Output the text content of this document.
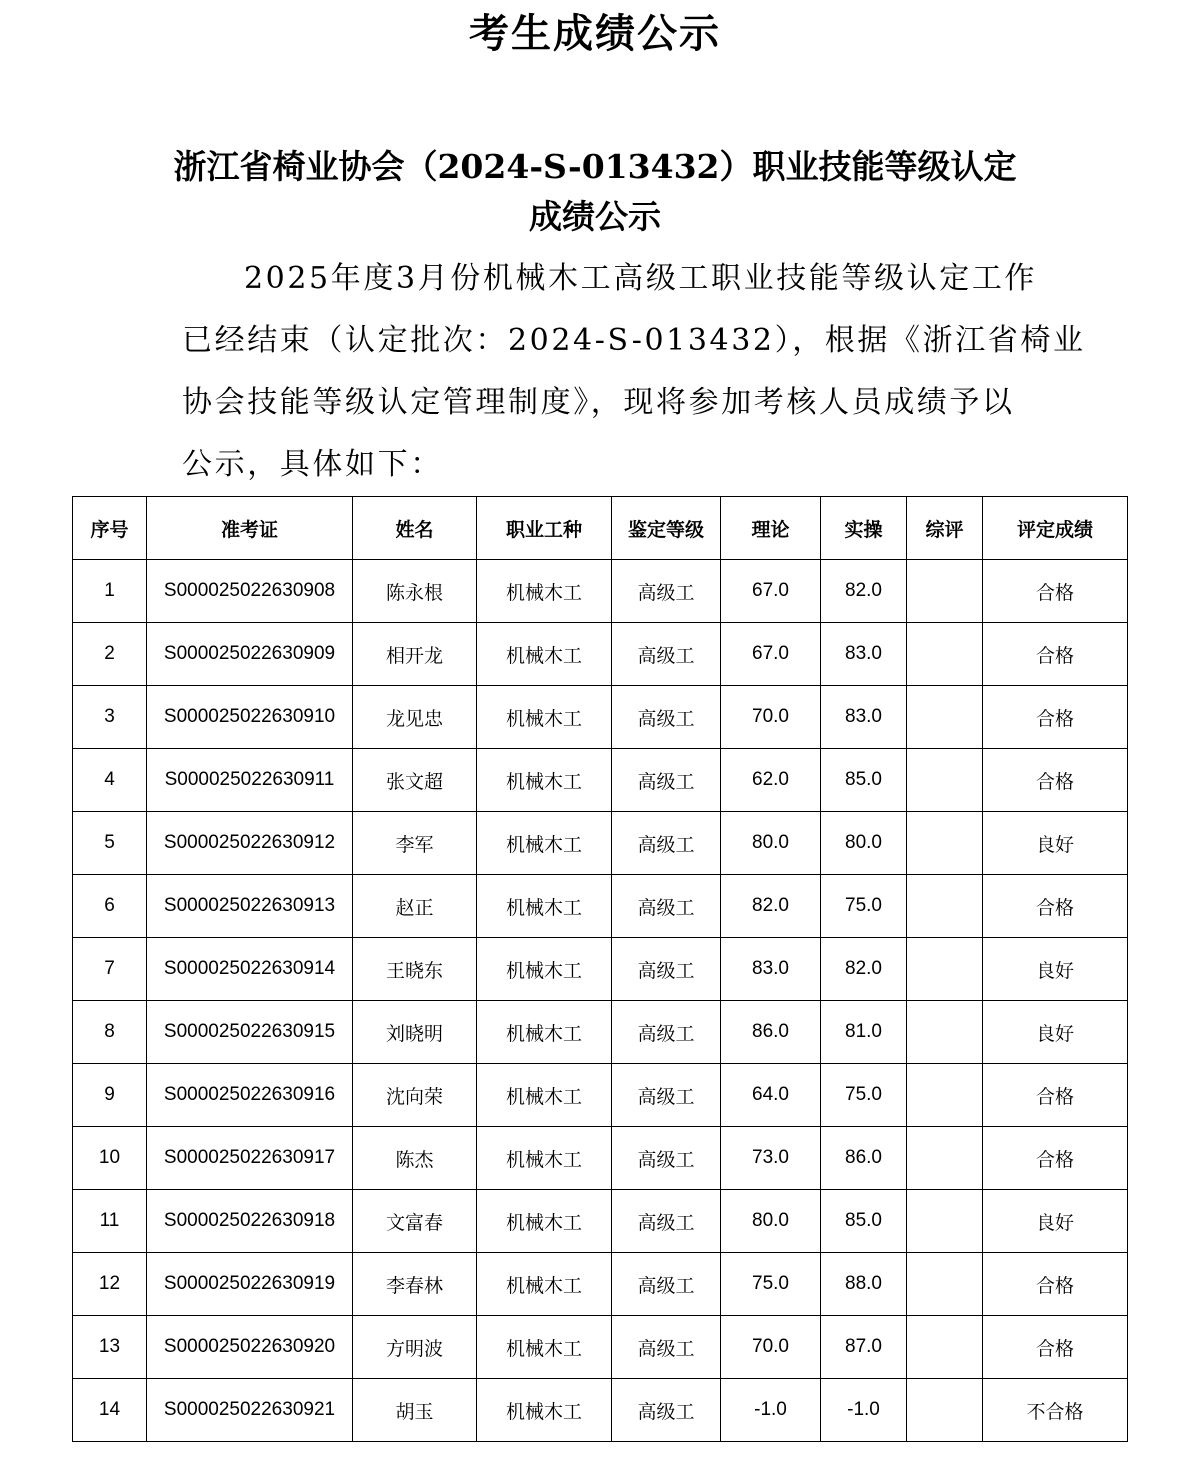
考生成绩公示
浙江省椅业协会（2024-S-013432）职业技能等级认定
成绩公示
2025年度3月份机械木工高级工职业技能等级认定工作
已经结束（认定批次：2024-S-013432），根据《浙江省椅业
协会技能等级认定管理制度》，现将参加考核人员成绩予以
公示，具体如下：
序号	准考证	姓名	职业工种	鉴定等级	理论	实操	综评	评定成绩
1	S000025022630908	陈永根	机械木工	高级工	67.0	82.0		合格
2	S000025022630909	相开龙	机械木工	高级工	67.0	83.0		合格
3	S000025022630910	龙见忠	机械木工	高级工	70.0	83.0		合格
4	S000025022630911	张文超	机械木工	高级工	62.0	85.0		合格
5	S000025022630912	李军	机械木工	高级工	80.0	80.0		良好
6	S000025022630913	赵正	机械木工	高级工	82.0	75.0		合格
7	S000025022630914	王晓东	机械木工	高级工	83.0	82.0		良好
8	S000025022630915	刘晓明	机械木工	高级工	86.0	81.0		良好
9	S000025022630916	沈向荣	机械木工	高级工	64.0	75.0		合格
10	S000025022630917	陈杰	机械木工	高级工	73.0	86.0		合格
11	S000025022630918	文富春	机械木工	高级工	80.0	85.0		良好
12	S000025022630919	李春林	机械木工	高级工	75.0	88.0		合格
13	S000025022630920	方明波	机械木工	高级工	70.0	87.0		合格
14	S000025022630921	胡玉	机械木工	高级工	-1.0	-1.0		不合格
